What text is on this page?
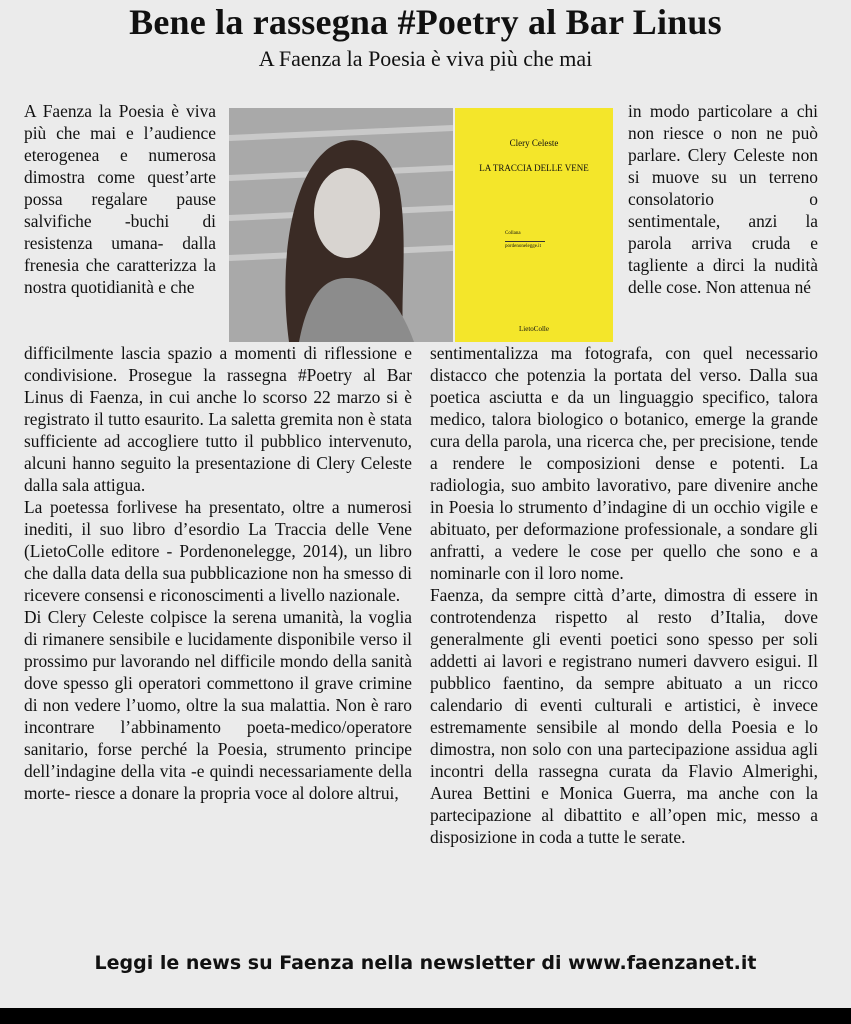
Bene la rassegna #Poetry al Bar Linus
A Faenza la Poesia è viva più che mai

A Faenza la Poesia è viva più che mai e l’audience eterogenea e numerosa dimostra come quest’arte possa regalare pause salvifiche -buchi di resistenza umana- dalla frenesia che caratterizza la nostra quotidianità e che

Clery Celeste
LA TRACCIA DELLE VENE
Collana
pordenonelegge.it
LietoColle

in modo particolare a chi non riesce o non ne può parlare. Clery Celeste non si muove su un terreno consolatorio o sentimentale, anzi la parola arriva cruda e tagliente a dirci la nudità delle cose. Non attenua né

difficilmente lascia spazio a momenti di riflessione e condivisione. Prosegue la rassegna #Poetry al Bar Linus di Faenza, in cui anche lo scorso 22 marzo si è registrato il tutto esaurito. La saletta gremita non è stata sufficiente ad accogliere tutto il pubblico intervenuto, alcuni hanno seguito la presentazione di Clery Celeste dalla sala attigua.

La poetessa forlivese ha presentato, oltre a numerosi inediti, il suo libro d’esordio La Traccia delle Vene (LietoColle editore - Pordenonelegge, 2014), un libro che dalla data della sua pubblicazione non ha smesso di ricevere consensi e riconoscimenti a livello nazionale.

Di Clery Celeste colpisce la serena umanità, la voglia di rimanere sensibile e lucidamente disponibile verso il prossimo pur lavorando nel difficile mondo della sanità dove spesso gli operatori commettono il grave crimine di non vedere l’uomo, oltre la sua malattia. Non è raro incontrare l’abbinamento poeta-medico/operatore sanitario, forse perché la Poesia, strumento principe dell’indagine della vita -e quindi necessariamente della morte- riesce a donare la propria voce al dolore altrui,

sentimentalizza ma fotografa, con quel necessario distacco che potenzia la portata del verso. Dalla sua poetica asciutta e da un linguaggio specifico, talora medico, talora biologico o botanico, emerge la grande cura della parola, una ricerca che, per precisione, tende a rendere le composizioni dense e potenti. La radiologia, suo ambito lavorativo, pare divenire anche in Poesia lo strumento d’indagine di un occhio vigile e abituato, per deformazione professionale, a sondare gli anfratti, a vedere le cose per quello che sono e a nominarle con il loro nome.

Faenza, da sempre città d’arte, dimostra di essere in controtendenza rispetto al resto d’Italia, dove generalmente gli eventi poetici sono spesso per soli addetti ai lavori e registrano numeri davvero esigui. Il pubblico faentino, da sempre abituato a un ricco calendario di eventi culturali e artistici, è invece estremamente sensibile al mondo della Poesia e lo dimostra, non solo con una partecipazione assidua agli incontri della rassegna curata da Flavio Almerighi, Aurea Bettini e Monica Guerra, ma anche con la partecipazione al dibattito e all’open mic, messo a disposizione in coda a tutte le serate.

Leggi le news su Faenza nella newsletter di www.faenzanet.it
